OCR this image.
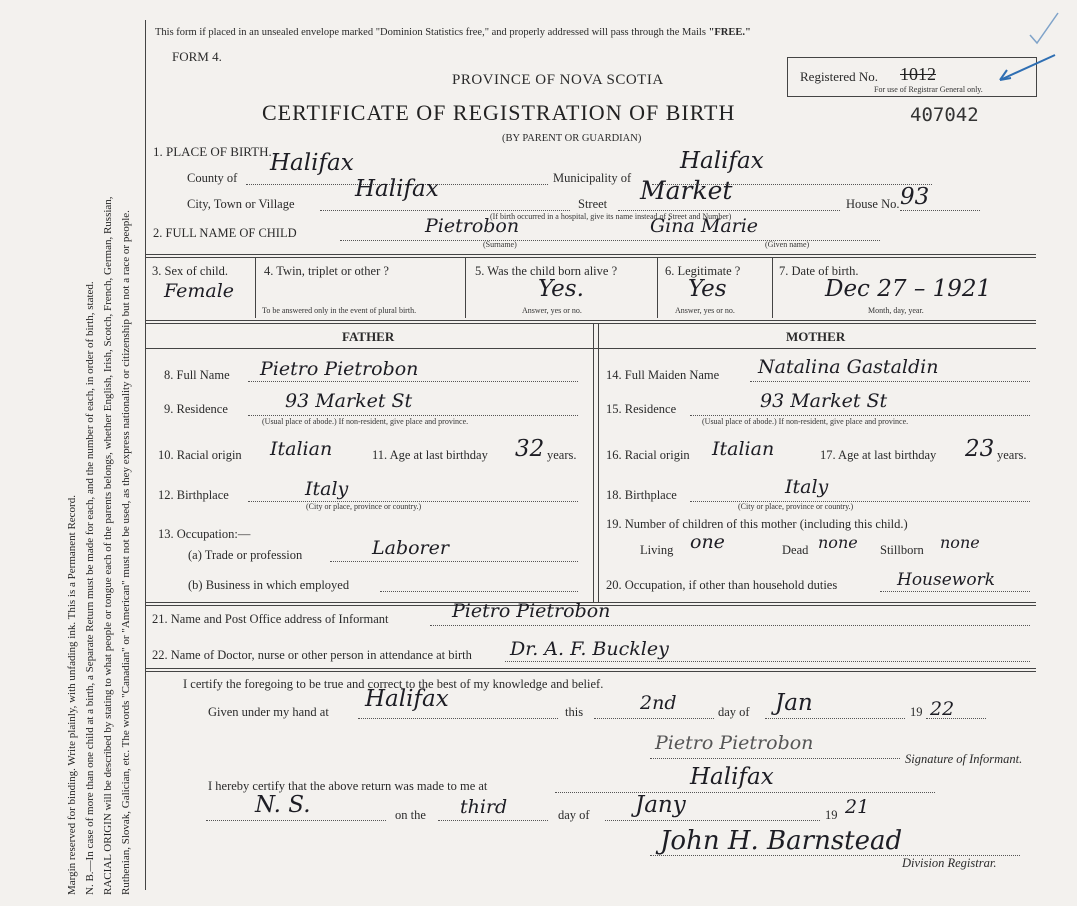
Margin reserved for binding. Write plainly, with unfading ink. This is a Permanent Record. N. B.—In case of more than one child at a birth, a Separate Return must be made for each, and the number of each, in order of birth, stated. RACIAL ORIGIN will be described by stating to what people or tongue each of the parents belongs, whether English, Irish, Scotch, French, German, Russian, Ruthenian, Slovak, Galician, etc. The words "Canadian" or "American" must not be used, as they express nationality or citizenship but not a race or people.
This form if placed in an unsealed envelope marked "Dominion Statistics free," and properly addressed will pass through the Mails "FREE."
FORM 4.
PROVINCE OF NOVA SCOTIA
CERTIFICATE OF REGISTRATION OF BIRTH
(BY PARENT OR GUARDIAN)
407042
Registered No. 1012
For use of Registrar General only.
1. PLACE OF BIRTH.
County of
Halifax
Municipality of
Halifax
City, Town or Village
Halifax
Street Market	House No. 93
(If birth occurred in a hospital, give its name instead of Street and Number)
2. FULL NAME OF CHILD	Pietrobon
(Surname)
Gina Marie
(Given name)
3. Sex of child.
Female
4. Twin, triplet or other ?
To be answered only in the event of plural birth.
5. Was the child born alive ?
Yes.
Answer, yes or no.
6. Legitimate ?
Yes
Answer, yes or no.
7. Date of birth.
Dec 27 – 1921
Month, day, year.
FATHER	MOTHER
8. Full Name Pietro Pietrobon
9. Residence	93 Market St
(Usual place of abode.) If non-resident, give place and province.
10. Racial origin Italian	11. Age at last birthday 32 years.
12. Birthplace	Italy
(City or place, province or country.)
13. Occupation:—
(a) Trade or profession	Laborer
(b) Business in which employed
14. Full Maiden Name Natalina Gastaldin
15. Residence	93 Market St
(Usual place of abode.) If non-resident, give place and province.
16. Racial origin Italian	17. Age at last birthday 23 years.
18. Birthplace	Italy
(City or place, province or country.)
19. Number of children of this mother (including this child.)
Living one	Dead none Stillborn none
20. Occupation, if other than household duties	Housework
21. Name and Post Office address of Informant	Pietro Pietrobon
22. Name of Doctor, nurse or other person in attendance at birth Dr. A. F. Buckley
I certify the foregoing to be true and correct to the best of my knowledge and belief.
Given under my hand at Halifax	this	2nd	day of Jan	19 22
Pietro Pietrobon
Signature of Informant.
I hereby certify that the above return was made to me at	Halifax
N. S.	on the third	day of Jany	19 21
John H. Barnstead
Division Registrar.
